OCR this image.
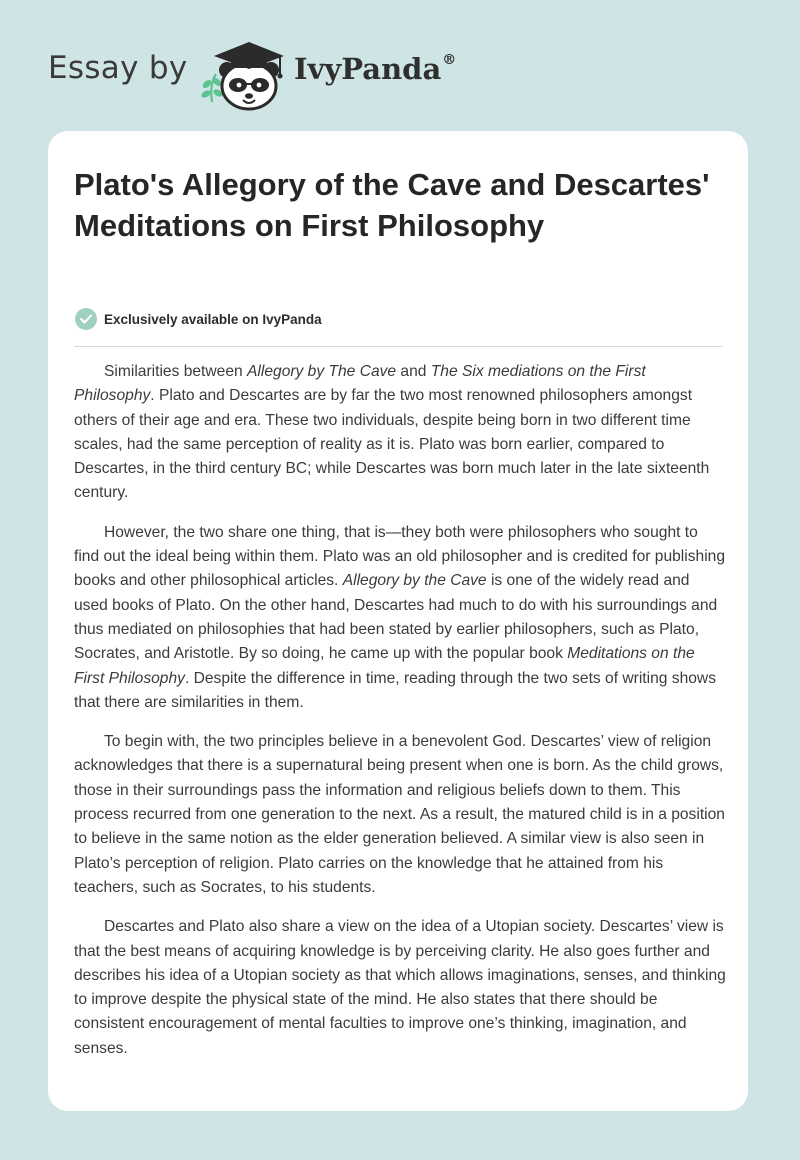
Essay by	IvyPanda®
Plato's Allegory of the Cave and Descartes' Meditations on First Philosophy
Exclusively available on IvyPanda

Similarities between Allegory by The Cave and The Six mediations on the First Philosophy. Plato and Descartes are by far the two most renowned philosophers amongst others of their age and era. These two individuals, despite being born in two different time scales, had the same perception of reality as it is. Plato was born earlier, compared to Descartes, in the third century BC; while Descartes was born much later in the late sixteenth century.

However, the two share one thing, that is—they both were philosophers who sought to find out the ideal being within them. Plato was an old philosopher and is credited for publishing books and other philosophical articles. Allegory by the Cave is one of the widely read and used books of Plato. On the other hand, Descartes had much to do with his surroundings and thus mediated on philosophies that had been stated by earlier philosophers, such as Plato, Socrates, and Aristotle. By so doing, he came up with the popular book Meditations on the First Philosophy. Despite the difference in time, reading through the two sets of writing shows that there are similarities in them.

To begin with, the two principles believe in a benevolent God. Descartes’ view of religion acknowledges that there is a supernatural being present when one is born. As the child grows, those in their surroundings pass the information and religious beliefs down to them. This process recurred from one generation to the next. As a result, the matured child is in a position to believe in the same notion as the elder generation believed. A similar view is also seen in Plato’s perception of religion. Plato carries on the knowledge that he attained from his teachers, such as Socrates, to his students.

Descartes and Plato also share a view on the idea of a Utopian society. Descartes’ view is that the best means of acquiring knowledge is by perceiving clarity. He also goes further and describes his idea of a Utopian society as that which allows imaginations, senses, and thinking to improve despite the physical state of the mind. He also states that there should be consistent encouragement of mental faculties to improve one’s thinking, imagination, and senses.
